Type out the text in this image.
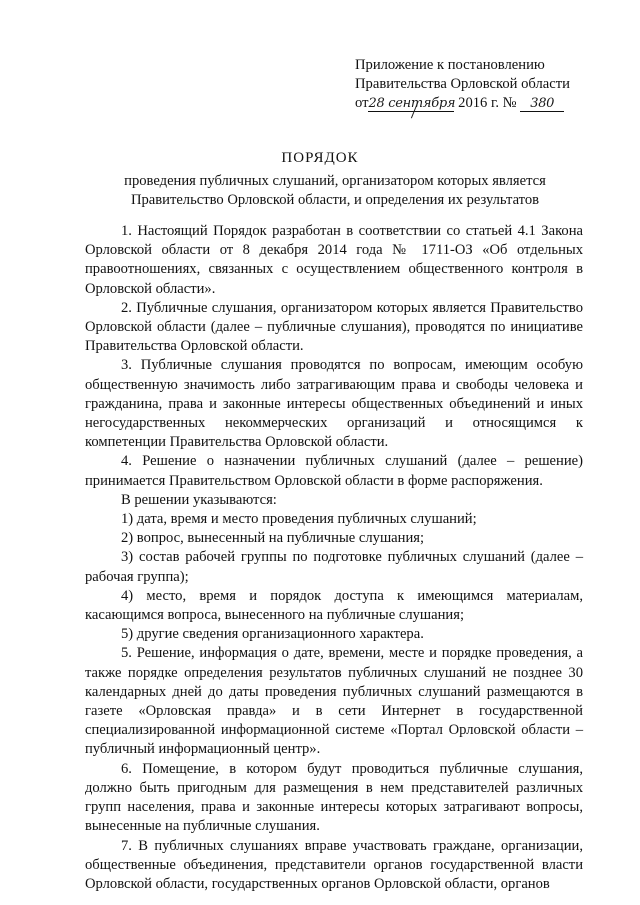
Приложение к постановлению
Правительства Орловской области
от28 сентября 2016 г. № 380
ПОРЯДОК
проведения публичных слушаний, организатором которых является
Правительство Орловской области, и определения их результатов

1. Настоящий Порядок разработан в соответствии со статьей 4.1 Закона Орловской области от 8 декабря 2014 года № 1711-ОЗ «Об отдельных правоотношениях, связанных с осуществлением общественного контроля в Орловской области».

2. Публичные слушания, организатором которых является Правительство Орловской области (далее – публичные слушания), проводятся по инициативе Правительства Орловской области.

3. Публичные слушания проводятся по вопросам, имеющим особую общественную значимость либо затрагивающим права и свободы человека и гражданина, права и законные интересы общественных объединений и иных негосударственных некоммерческих организаций и относящимся к компетенции Правительства Орловской области.

4. Решение о назначении публичных слушаний (далее – решение) принимается Правительством Орловской области в форме распоряжения.

В решении указываются:

1) дата, время и место проведения публичных слушаний;

2) вопрос, вынесенный на публичные слушания;

3) состав рабочей группы по подготовке публичных слушаний (далее – рабочая группа);

4) место, время и порядок доступа к имеющимся материалам, касающимся вопроса, вынесенного на публичные слушания;

5) другие сведения организационного характера.

5. Решение, информация о дате, времени, месте и порядке проведения, а также порядке определения результатов публичных слушаний не позднее 30 календарных дней до даты проведения публичных слушаний размещаются в газете «Орловская правда» и в сети Интернет в государственной специализированной информационной системе «Портал Орловской области – публичный информационный центр».

6. Помещение, в котором будут проводиться публичные слушания, должно быть пригодным для размещения в нем представителей различных групп населения, права и законные интересы которых затрагивают вопросы, вынесенные на публичные слушания.

7. В публичных слушаниях вправе участвовать граждане, организации, общественные объединения, представители органов государственной власти Орловской области, государственных органов Орловской области, органов
